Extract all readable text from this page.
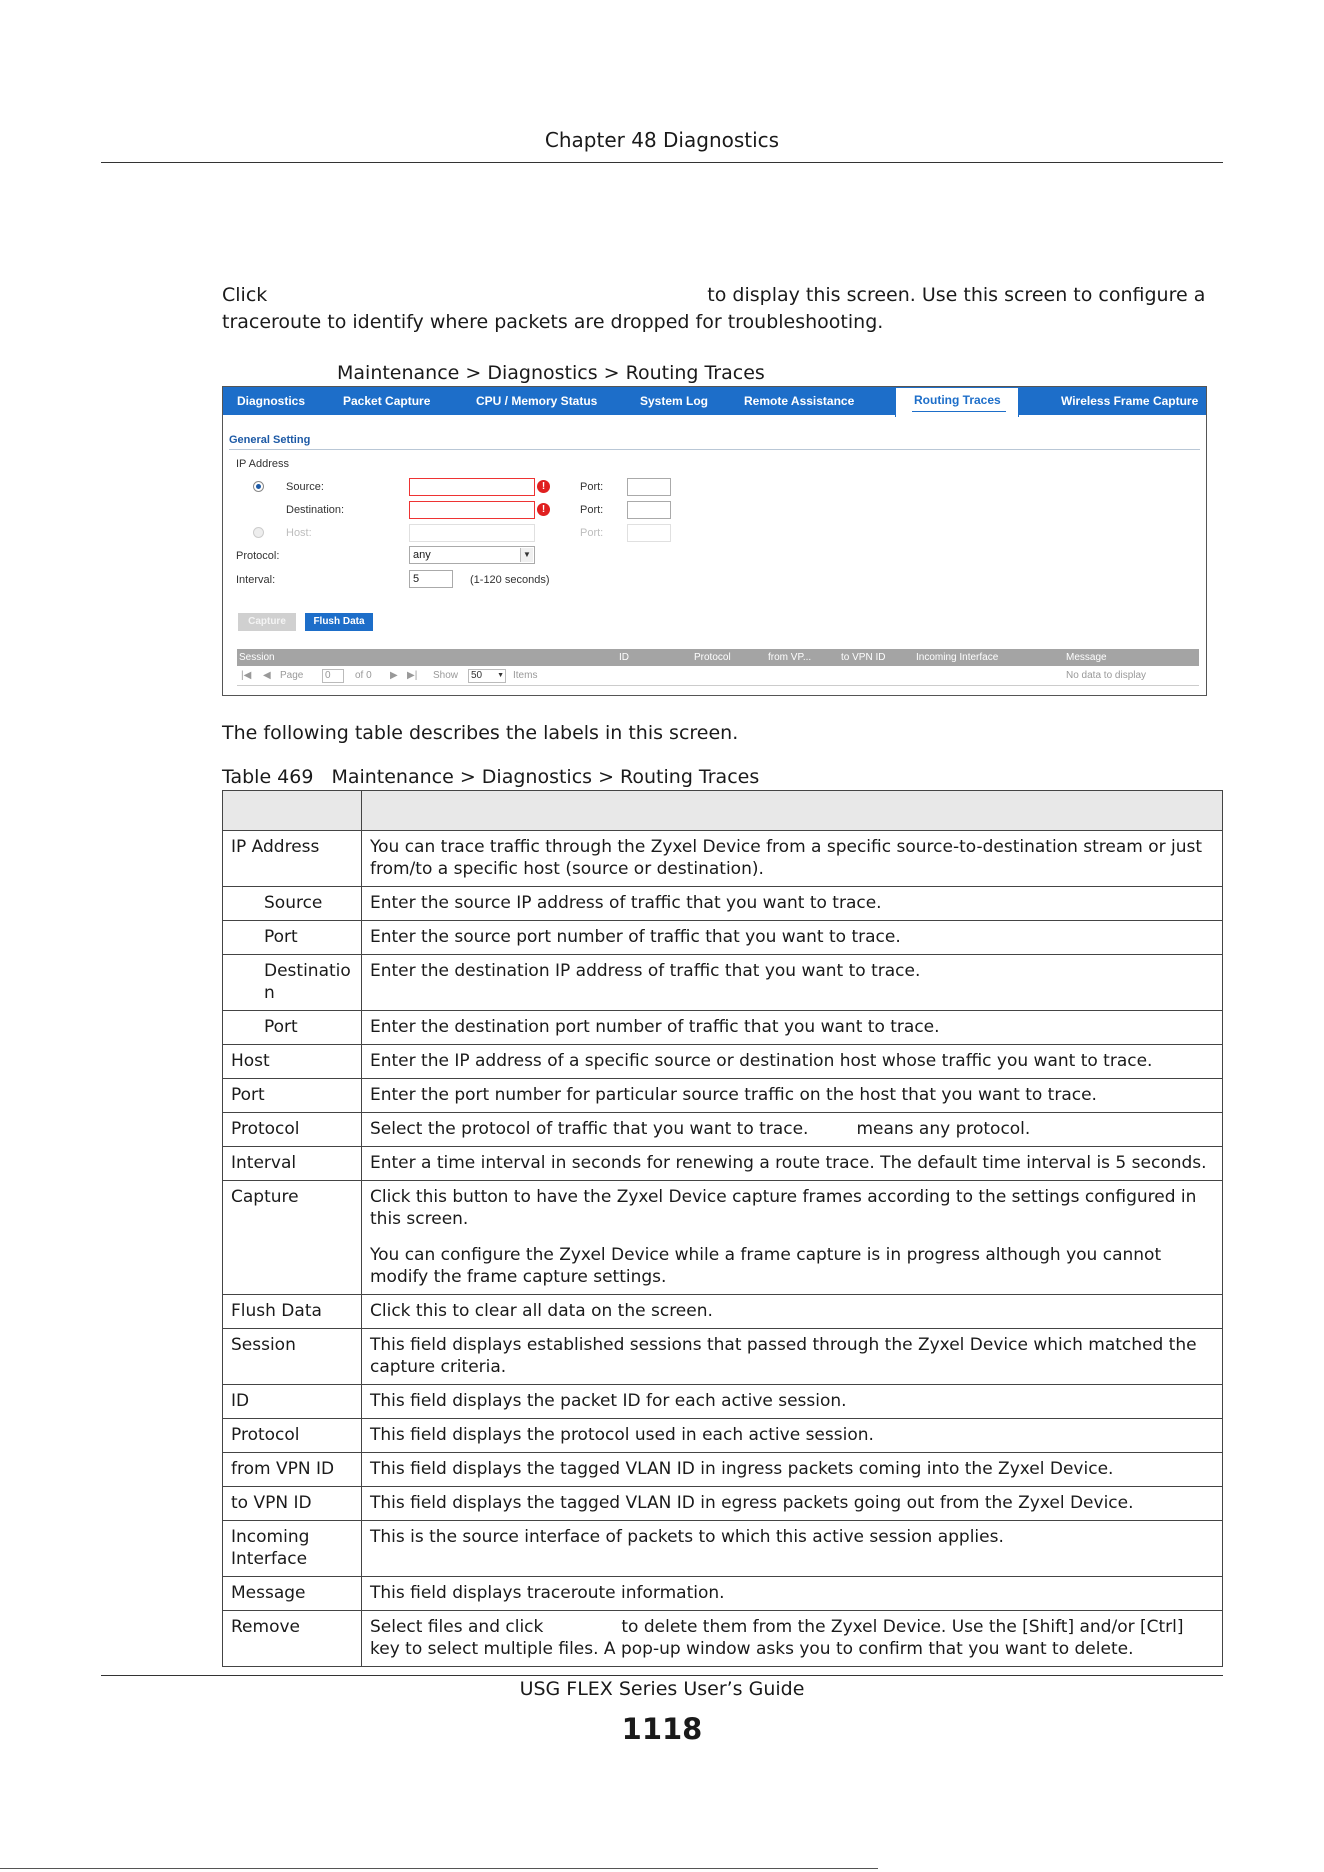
Chapter 48 Diagnostics
Click	to display this screen. Use this screen to configure a
traceroute to identify where packets are dropped for troubleshooting.
Maintenance > Diagnostics > Routing Traces
Diagnostics	Packet Capture	CPU / Memory Status	System Log	Remote Assistance	Routing Traces	Wireless Frame Capture
General Setting
IP Address
Source:	!	Port:
Destination:	!	Port:
Host:	Port:
Protocol:	any	▼
Interval:	5	(1-120 seconds)
Capture	Flush Data
Session	ID	Protocol	from VP...	to VPN ID	Incoming Interface	Message
|◀ ◀ Page	0	of 0 ▶ ▶| Show	50 ▼ Items	No data to display
The following table describes the labels in this screen.
Table 469 Maintenance > Diagnostics > Routing Traces

IP Address	You can trace traffic through the Zyxel Device from a specific source-to-destination stream or just from/to a specific host (source or destination).
Source	Enter the source IP address of traffic that you want to trace.
Port	Enter the source port number of traffic that you want to trace.
Destinatio n	Enter the destination IP address of traffic that you want to trace.
Port	Enter the destination port number of traffic that you want to trace.
Host	Enter the IP address of a specific source or destination host whose traffic you want to trace.
Port	Enter the port number for particular source traffic on the host that you want to trace.
Protocol	Select the protocol of traffic that you want to trace. means any protocol.
Interval	Enter a time interval in seconds for renewing a route trace. The default time interval is 5 seconds.
Capture	Click this button to have the Zyxel Device capture frames according to the settings configured in this screen.

You can configure the Zyxel Device while a frame capture is in progress although you cannot modify the frame capture settings.

Flush Data	Click this to clear all data on the screen.
Session	This field displays established sessions that passed through the Zyxel Device which matched the capture criteria.
ID	This field displays the packet ID for each active session.
Protocol	This field displays the protocol used in each active session.
from VPN ID	This field displays the tagged VLAN ID in ingress packets coming into the Zyxel Device.
to VPN ID	This field displays the tagged VLAN ID in egress packets going out from the Zyxel Device.
Incoming Interface	This is the source interface of packets to which this active session applies.
Message	This field displays traceroute information.
Remove	Select files and click to delete them from the Zyxel Device. Use the [Shift] and/or [Ctrl] key to select multiple files. A pop-up window asks you to confirm that you want to delete.
USG FLEX Series User’s Guide
1118
